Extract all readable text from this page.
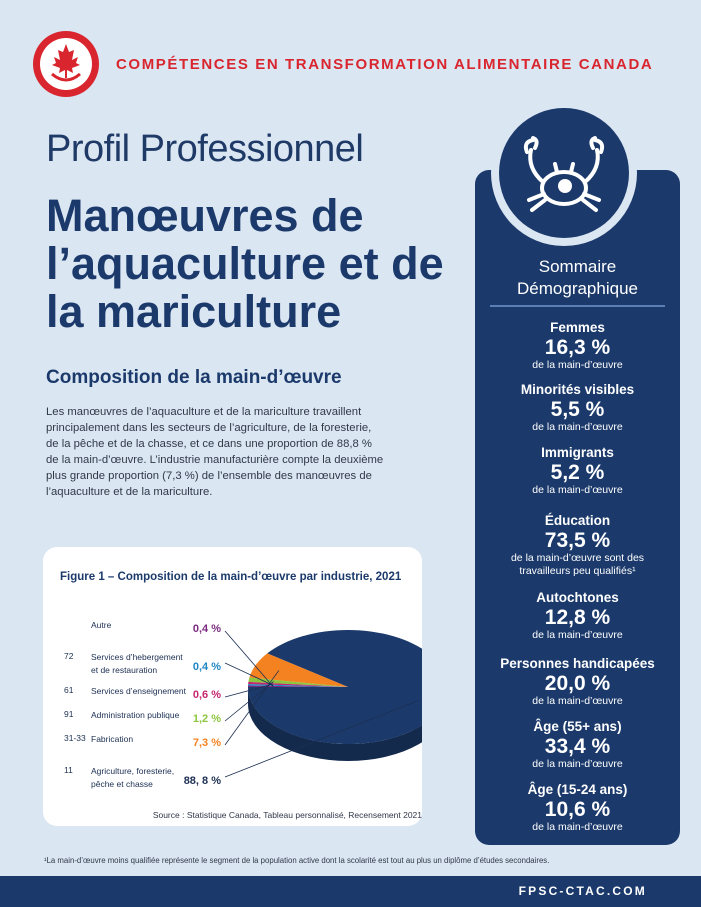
COMPÉTENCES EN TRANSFORMATION ALIMENTAIRE CANADA
Profil Professionnel
Manœuvres de l’aquaculture et de la mariculture
Composition de la main-d’œuvre
Les manœuvres de l’aquaculture et de la mariculture travaillent principalement dans les secteurs de l’agriculture, de la foresterie, de la pêche et de la chasse, et ce dans une proportion de 88,8 % de la main-d’œuvre. L’industrie manufacturière compte la deuxième plus grande proportion (7,3 %) de l’ensemble des manœuvres de l’aquaculture et de la mariculture.
Figure 1 – Composition de la main-d’œuvre par industrie, 2021
Autre	0,4 %
72 Services d’hebergement
et de restauration	0,4 %
61 Services d’enseignement 0,6 %
91 Administration publique	1,2 %
31-33 Fabrication	7,3 %
11 Agriculture, foresterie,
pêche et chasse	88, 8 %
Source : Statistique Canada, Tableau personnalisé, Recensement 2021
Sommaire
Démographique
Femmes
16,3 %
de la main-d’œuvre
Minorités visibles
5,5 %
de la main-d’œuvre
Immigrants
5,2 %
de la main-d’œuvre
Éducation
73,5 %
de la main-d’œuvre sont des
travailleurs peu qualifiés¹
Autochtones
12,8 %
de la main-d’œuvre
Personnes handicapées
20,0 %
de la main-d’œuvre
Âge (55+ ans)
33,4 %
de la main-d’œuvre
Âge (15-24 ans)
10,6 %
de la main-d’œuvre
¹La main-d’œuvre moins qualifiée représente le segment de la population active dont la scolarité est tout au plus un diplôme d’études secondaires.
FPSC-CTAC.COM
